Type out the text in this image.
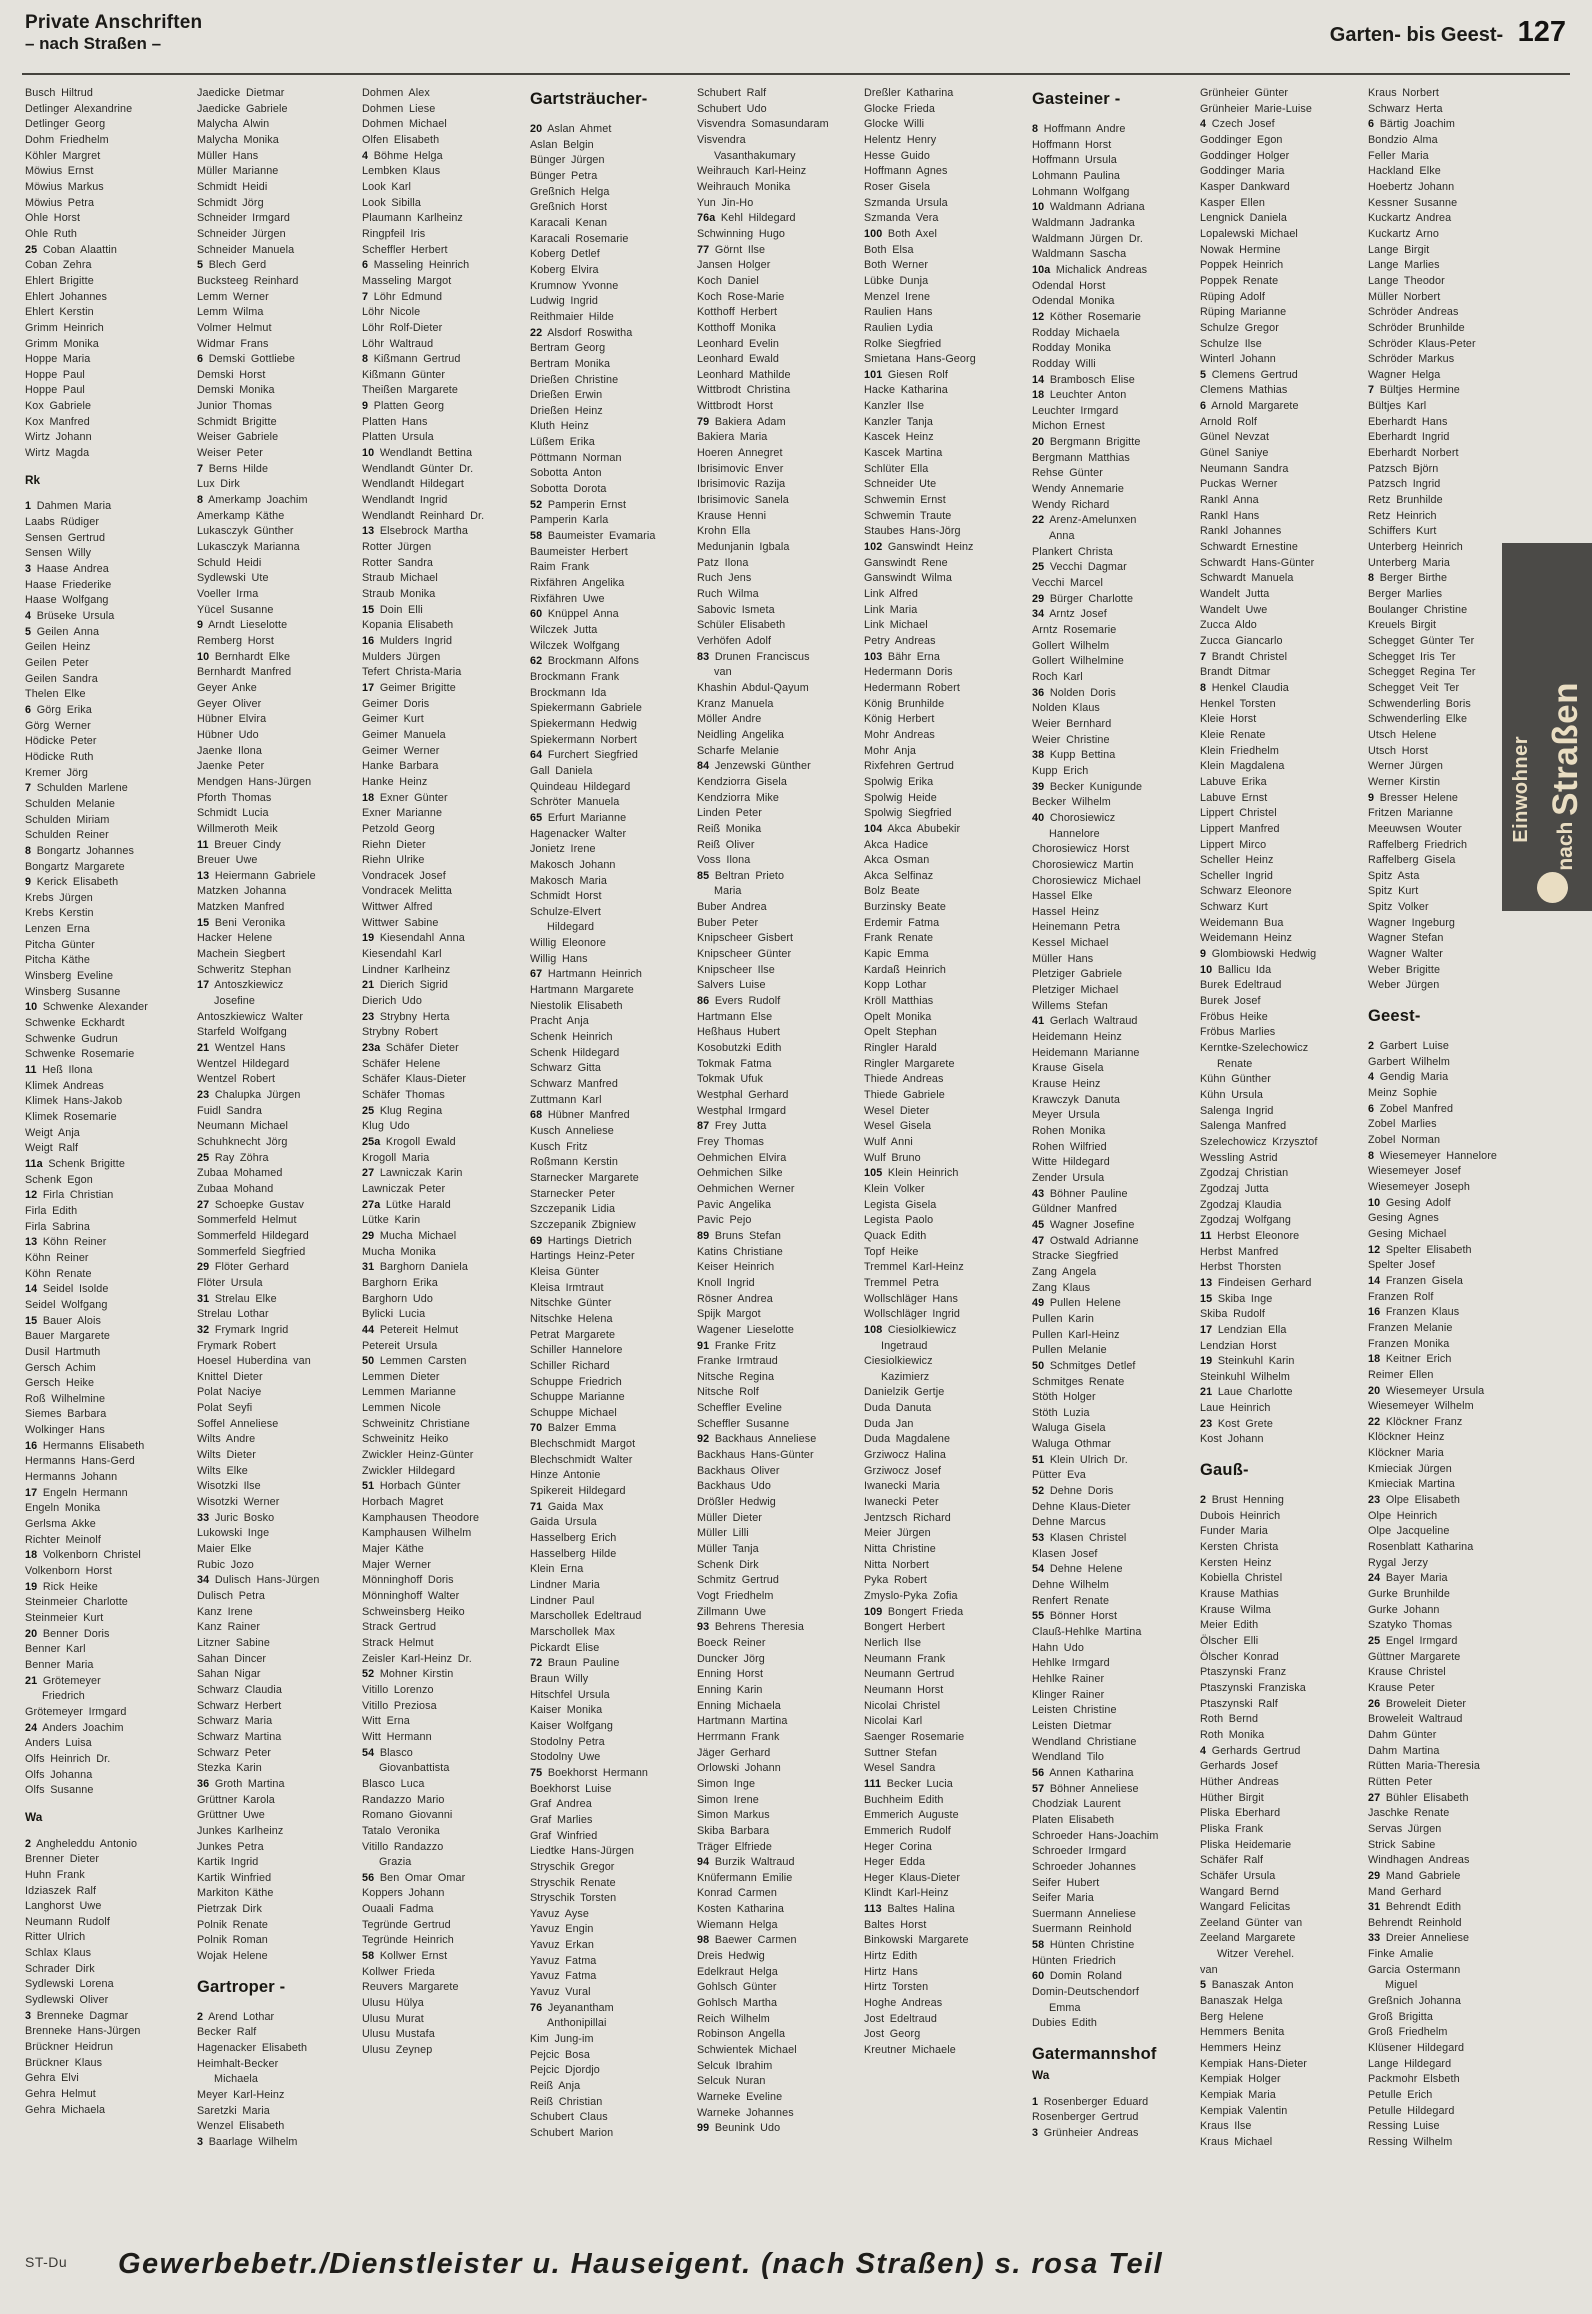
Private Anschriften
– nach Straßen –	Garten- bis Geest- 127
Busch Hiltrud
Detlinger Alexandrine
Detlinger Georg
Dohm Friedhelm
Köhler Margret
Möwius Ernst
Möwius Markus
Möwius Petra
Ohle Horst
Ohle Ruth
25 Coban Alaattin
Coban Zehra
Ehlert Brigitte
Ehlert Johannes
Ehlert Kerstin
Grimm Heinrich
Grimm Monika
Hoppe Maria
Hoppe Paul
Hoppe Paul
Kox Gabriele
Kox Manfred
Wirtz Johann
Wirtz Magda
Rk
1 Dahmen Maria
Laabs Rüdiger
Sensen Gertrud
Sensen Willy
3 Haase Andrea
Haase Friederike
Haase Wolfgang
4 Brüseke Ursula
5 Geilen Anna
Geilen Heinz
Geilen Peter
Geilen Sandra
Thelen Elke
6 Görg Erika
Görg Werner
Hödicke Peter
Hödicke Ruth
Kremer Jörg
7 Schulden Marlene
Schulden Melanie
Schulden Miriam
Schulden Reiner
8 Bongartz Johannes
Bongartz Margarete
9 Kerick Elisabeth
Krebs Jürgen
Krebs Kerstin
Lenzen Erna
Pitcha Günter
Pitcha Käthe
Winsberg Eveline
Winsberg Susanne
10 Schwenke Alexander
Schwenke Eckhardt
Schwenke Gudrun
Schwenke Rosemarie
11 Heß Ilona
Klimek Andreas
Klimek Hans-Jakob
Klimek Rosemarie
Weigt Anja
Weigt Ralf
11a Schenk Brigitte
Schenk Egon
12 Firla Christian
Firla Edith
Firla Sabrina
13 Köhn Reiner
Köhn Reiner
Köhn Renate
14 Seidel Isolde
Seidel Wolfgang
15 Bauer Alois
Bauer Margarete
Dusil Hartmuth
Gersch Achim
Gersch Heike
Roß Wilhelmine
Siemes Barbara
Wolkinger Hans
16 Hermanns Elisabeth
Hermanns Hans-Gerd
Hermanns Johann
17 Engeln Hermann
Engeln Monika
Gerlsma Akke
Richter Meinolf
18 Volkenborn Christel
Volkenborn Horst
19 Rick Heike
Steinmeier Charlotte
Steinmeier Kurt
20 Benner Doris
Benner Karl
Benner Maria
21 Grötemeyer
Friedrich
Grötemeyer Irmgard
24 Anders Joachim
Anders Luisa
Olfs Heinrich Dr.
Olfs Johanna
Olfs Susanne
Wa
2 Angheleddu Antonio
Brenner Dieter
Huhn Frank
Idziaszek Ralf
Langhorst Uwe
Neumann Rudolf
Ritter Ulrich
Schlax Klaus
Schrader Dirk
Sydlewski Lorena
Sydlewski Oliver
3 Brenneke Dagmar
Brenneke Hans-Jürgen
Brückner Heidrun
Brückner Klaus
Gehra Elvi
Gehra Helmut
Gehra Michaela
Jaedicke Dietmar
Jaedicke Gabriele
Malycha Alwin
Malycha Monika
Müller Hans
Müller Marianne
Schmidt Heidi
Schmidt Jörg
Schneider Irmgard
Schneider Jürgen
Schneider Manuela
5 Blech Gerd
Bucksteeg Reinhard
Lemm Werner
Lemm Wilma
Volmer Helmut
Widmar Frans
6 Demski Gottliebe
Demski Horst
Demski Monika
Junior Thomas
Schmidt Brigitte
Weiser Gabriele
Weiser Peter
7 Berns Hilde
Lux Dirk
8 Amerkamp Joachim
Amerkamp Käthe
Lukasczyk Günther
Lukasczyk Marianna
Schuld Heidi
Sydlewski Ute
Voeller Irma
Yücel Susanne
9 Arndt Lieselotte
Remberg Horst
10 Bernhardt Elke
Bernhardt Manfred
Geyer Anke
Geyer Oliver
Hübner Elvira
Hübner Udo
Jaenke Ilona
Jaenke Peter
Mendgen Hans-Jürgen
Pforth Thomas
Schmidt Lucia
Willmeroth Meik
11 Breuer Cindy
Breuer Uwe
13 Heiermann Gabriele
Matzken Johanna
Matzken Manfred
15 Beni Veronika
Hacker Helene
Machein Siegbert
Schweritz Stephan
17 Antoszkiewicz
Josefine
Antoszkiewicz Walter
Starfeld Wolfgang
21 Wentzel Hans
Wentzel Hildegard
Wentzel Robert
23 Chalupka Jürgen
Fuidl Sandra
Neumann Michael
Schuhknecht Jörg
25 Ray Zöhra
Zubaa Mohamed
Zubaa Mohand
27 Schoepke Gustav
Sommerfeld Helmut
Sommerfeld Hildegard
Sommerfeld Siegfried
29 Flöter Gerhard
Flöter Ursula
31 Strelau Elke
Strelau Lothar
32 Frymark Ingrid
Frymark Robert
Hoesel Huberdina van
Knittel Dieter
Polat Naciye
Polat Seyfi
Soffel Anneliese
Wilts Andre
Wilts Dieter
Wilts Elke
Wisotzki Ilse
Wisotzki Werner
33 Juric Bosko
Lukowski Inge
Maier Elke
Rubic Jozo
34 Dulisch Hans-Jürgen
Dulisch Petra
Kanz Irene
Kanz Rainer
Litzner Sabine
Sahan Dincer
Sahan Nigar
Schwarz Claudia
Schwarz Herbert
Schwarz Maria
Schwarz Martina
Schwarz Peter
Stezka Karin
36 Groth Martina
Grüttner Karola
Grüttner Uwe
Junkes Karlheinz
Junkes Petra
Kartik Ingrid
Kartik Winfried
Markiton Käthe
Pietrzak Dirk
Polnik Renate
Polnik Roman
Wojak Helene
Gartroper -
2 Arend Lothar
Becker Ralf
Hagenacker Elisabeth
Heimhalt-Becker
Michaela
Meyer Karl-Heinz
Saretzki Maria
Wenzel Elisabeth
3 Baarlage Wilhelm
Dohmen Alex
Dohmen Liese
Dohmen Michael
Olfen Elisabeth
4 Böhme Helga
Lembken Klaus
Look Karl
Look Sibilla
Plaumann Karlheinz
Ringpfeil Iris
Scheffler Herbert
6 Masseling Heinrich
Masseling Margot
7 Löhr Edmund
Löhr Nicole
Löhr Rolf-Dieter
Löhr Waltraud
8 Kißmann Gertrud
Kißmann Günter
Theißen Margarete
9 Platten Georg
Platten Hans
Platten Ursula
10 Wendlandt Bettina
Wendlandt Günter Dr.
Wendlandt Hildegart
Wendlandt Ingrid
Wendlandt Reinhard Dr.
13 Elsebrock Martha
Rotter Jürgen
Rotter Sandra
Straub Michael
Straub Monika
15 Doin Elli
Kopania Elisabeth
16 Mulders Ingrid
Mulders Jürgen
Tefert Christa-Maria
17 Geimer Brigitte
Geimer Doris
Geimer Kurt
Geimer Manuela
Geimer Werner
Hanke Barbara
Hanke Heinz
18 Exner Günter
Exner Marianne
Petzold Georg
Riehn Dieter
Riehn Ulrike
Vondracek Josef
Vondracek Melitta
Wittwer Alfred
Wittwer Sabine
19 Kiesendahl Anna
Kiesendahl Karl
Lindner Karlheinz
21 Dierich Sigrid
Dierich Udo
23 Strybny Herta
Strybny Robert
23a Schäfer Dieter
Schäfer Helene
Schäfer Klaus-Dieter
Schäfer Thomas
25 Klug Regina
Klug Udo
25a Krogoll Ewald
Krogoll Maria
27 Lawniczak Karin
Lawniczak Peter
27a Lütke Harald
Lütke Karin
29 Mucha Michael
Mucha Monika
31 Barghorn Daniela
Barghorn Erika
Barghorn Udo
Bylicki Lucia
44 Petereit Helmut
Petereit Ursula
50 Lemmen Carsten
Lemmen Dieter
Lemmen Marianne
Lemmen Nicole
Schweinitz Christiane
Schweinitz Heiko
Zwickler Heinz-Günter
Zwickler Hildegard
51 Horbach Günter
Horbach Magret
Kamphausen Theodore
Kamphausen Wilhelm
Majer Käthe
Majer Werner
Mönninghoff Doris
Mönninghoff Walter
Schweinsberg Heiko
Strack Gertrud
Strack Helmut
Zeisler Karl-Heinz Dr.
52 Mohner Kirstin
Vitillo Lorenzo
Vitillo Preziosa
Witt Erna
Witt Hermann
54 Blasco
Giovanbattista
Blasco Luca
Randazzo Mario
Romano Giovanni
Tatalo Veronika
Vitillo Randazzo
Grazia
56 Ben Omar Omar
Koppers Johann
Ouaali Fadma
Tegründe Gertrud
Tegründe Heinrich
58 Kollwer Ernst
Kollwer Frieda
Reuvers Margarete
Ulusu Hülya
Ulusu Murat
Ulusu Mustafa
Ulusu Zeynep
Gartsträucher-
20 Aslan Ahmet
Aslan Belgin
Bünger Jürgen
Bünger Petra
Greßnich Helga
Greßnich Horst
Karacali Kenan
Karacali Rosemarie
Koberg Detlef
Koberg Elvira
Krumnow Yvonne
Ludwig Ingrid
Reithmaier Hilde
22 Alsdorf Roswitha
Bertram Georg
Bertram Monika
Drießen Christine
Drießen Erwin
Drießen Heinz
Kluth Heinz
Lüßem Erika
Pöttmann Norman
Sobotta Anton
Sobotta Dorota
52 Pamperin Ernst
Pamperin Karla
58 Baumeister Evamaria
Baumeister Herbert
Raim Frank
Rixfähren Angelika
Rixfähren Uwe
60 Knüppel Anna
Wilczek Jutta
Wilczek Wolfgang
62 Brockmann Alfons
Brockmann Frank
Brockmann Ida
Spiekermann Gabriele
Spiekermann Hedwig
Spiekermann Norbert
64 Furchert Siegfried
Gall Daniela
Quindeau Hildegard
Schröter Manuela
65 Erfurt Marianne
Hagenacker Walter
Jonietz Irene
Makosch Johann
Makosch Maria
Schmidt Horst
Schulze-Elvert
Hildegard
Willig Eleonore
Willig Hans
67 Hartmann Heinrich
Hartmann Margarete
Niestolik Elisabeth
Pracht Anja
Schenk Heinrich
Schenk Hildegard
Schwarz Gitta
Schwarz Manfred
Zuttmann Karl
68 Hübner Manfred
Kusch Anneliese
Kusch Fritz
Roßmann Kerstin
Starnecker Margarete
Starnecker Peter
Szczepanik Lidia
Szczepanik Zbigniew
69 Hartings Dietrich
Hartings Heinz-Peter
Kleisa Günter
Kleisa Irmtraut
Nitschke Günter
Nitschke Helena
Petrat Margarete
Schiller Hannelore
Schiller Richard
Schuppe Friedrich
Schuppe Marianne
Schuppe Michael
70 Balzer Emma
Blechschmidt Margot
Blechschmidt Walter
Hinze Antonie
Spikereit Hildegard
71 Gaida Max
Gaida Ursula
Hasselberg Erich
Hasselberg Hilde
Klein Erna
Lindner Maria
Lindner Paul
Marschollek Edeltraud
Marschollek Max
Pickardt Elise
72 Braun Pauline
Braun Willy
Hitschfel Ursula
Kaiser Monika
Kaiser Wolfgang
Stodolny Petra
Stodolny Uwe
75 Boekhorst Hermann
Boekhorst Luise
Graf Andrea
Graf Marlies
Graf Winfried
Liedtke Hans-Jürgen
Stryschik Gregor
Stryschik Renate
Stryschik Torsten
Yavuz Ayse
Yavuz Engin
Yavuz Erkan
Yavuz Fatma
Yavuz Fatma
Yavuz Vural
76 Jeyanantham
Anthonipillai
Kim Jung-im
Pejcic Bosa
Pejcic Djordjo
Reiß Anja
Reiß Christian
Schubert Claus
Schubert Marion
Schubert Ralf
Schubert Udo
Visvendra Somasundaram
Visvendra
Vasanthakumary
Weihrauch Karl-Heinz
Weihrauch Monika
Yun Jin-Ho
76a Kehl Hildegard
Schwinning Hugo
77 Görnt Ilse
Jansen Holger
Koch Daniel
Koch Rose-Marie
Kotthoff Herbert
Kotthoff Monika
Leonhard Evelin
Leonhard Ewald
Leonhard Mathilde
Wittbrodt Christina
Wittbrodt Horst
79 Bakiera Adam
Bakiera Maria
Hoeren Annegret
Ibrisimovic Enver
Ibrisimovic Razija
Ibrisimovic Sanela
Krause Henni
Krohn Ella
Medunjanin Igbala
Patz Ilona
Ruch Jens
Ruch Wilma
Sabovic Ismeta
Schüler Elisabeth
Verhöfen Adolf
83 Drunen Franciscus
van
Khashin Abdul-Qayum
Kranz Manuela
Möller Andre
Neidling Angelika
Scharfe Melanie
84 Jenzewski Günther
Kendziorra Gisela
Kendziorra Mike
Linden Peter
Reiß Monika
Reiß Oliver
Voss Ilona
85 Beltran Prieto
Maria
Buber Andrea
Buber Peter
Knipscheer Gisbert
Knipscheer Günter
Knipscheer Ilse
Salvers Luise
86 Evers Rudolf
Hartmann Else
Heßhaus Hubert
Kosobutzki Edith
Tokmak Fatma
Tokmak Ufuk
Westphal Gerhard
Westphal Irmgard
87 Frey Jutta
Frey Thomas
Oehmichen Elvira
Oehmichen Silke
Oehmichen Werner
Pavic Angelika
Pavic Pejo
89 Bruns Stefan
Katins Christiane
Keiser Heinrich
Knoll Ingrid
Rösner Andrea
Spijk Margot
Wagener Lieselotte
91 Franke Fritz
Franke Irmtraud
Nitsche Regina
Nitsche Rolf
Scheffler Eveline
Scheffler Susanne
92 Backhaus Anneliese
Backhaus Hans-Günter
Backhaus Oliver
Backhaus Udo
Drößler Hedwig
Müller Dieter
Müller Lilli
Müller Tanja
Schenk Dirk
Schmitz Gertrud
Vogt Friedhelm
Zillmann Uwe
93 Behrens Theresia
Boeck Reiner
Duncker Jörg
Enning Horst
Enning Karin
Enning Michaela
Hartmann Martina
Herrmann Frank
Jäger Gerhard
Orlowski Johann
Simon Inge
Simon Irene
Simon Markus
Skiba Barbara
Träger Elfriede
94 Burzik Waltraud
Knüfermann Emilie
Konrad Carmen
Kosten Katharina
Wiemann Helga
98 Baewer Carmen
Dreis Hedwig
Edelkraut Helga
Gohlsch Günter
Gohlsch Martha
Reich Wilhelm
Robinson Angella
Schwientek Michael
Selcuk Ibrahim
Selcuk Nuran
Warneke Eveline
Warneke Johannes
99 Beunink Udo
Dreßler Katharina
Glocke Frieda
Glocke Willi
Helentz Henry
Hesse Guido
Hoffmann Agnes
Roser Gisela
Szmanda Ursula
Szmanda Vera
100 Both Axel
Both Elsa
Both Werner
Lübke Dunja
Menzel Irene
Raulien Hans
Raulien Lydia
Rolke Siegfried
Smietana Hans-Georg
101 Giesen Rolf
Hacke Katharina
Kanzler Ilse
Kanzler Tanja
Kascek Heinz
Kascek Martina
Schlüter Ella
Schneider Ute
Schwemin Ernst
Schwemin Traute
Staubes Hans-Jörg
102 Ganswindt Heinz
Ganswindt Rene
Ganswindt Wilma
Link Alfred
Link Maria
Link Michael
Petry Andreas
103 Bähr Erna
Hedermann Doris
Hedermann Robert
König Brunhilde
König Herbert
Mohr Andreas
Mohr Anja
Rixfehren Gertrud
Spolwig Erika
Spolwig Heide
Spolwig Siegfried
104 Akca Abubekir
Akca Hadice
Akca Osman
Akca Selfinaz
Bolz Beate
Burzinsky Beate
Erdemir Fatma
Frank Renate
Kapic Emma
Kardaß Heinrich
Kopp Lothar
Kröll Matthias
Opelt Monika
Opelt Stephan
Ringler Harald
Ringler Margarete
Thiede Andreas
Thiede Gabriele
Wesel Dieter
Wesel Gisela
Wulf Anni
Wulf Bruno
105 Klein Heinrich
Klein Volker
Legista Gisela
Legista Paolo
Quack Edith
Topf Heike
Tremmel Karl-Heinz
Tremmel Petra
Wollschläger Hans
Wollschläger Ingrid
108 Ciesiolkiewicz
Ingetraud
Ciesiolkiewicz
Kazimierz
Danielzik Gertje
Duda Danuta
Duda Jan
Duda Magdalene
Grziwocz Halina
Grziwocz Josef
Iwanecki Maria
Iwanecki Peter
Jentzsch Richard
Meier Jürgen
Nitta Christine
Nitta Norbert
Pyka Robert
Zmyslo-Pyka Zofia
109 Bongert Frieda
Bongert Herbert
Nerlich Ilse
Neumann Frank
Neumann Gertrud
Neumann Horst
Nicolai Christel
Nicolai Karl
Saenger Rosemarie
Suttner Stefan
Wesel Sandra
111 Becker Lucia
Buchheim Edith
Emmerich Auguste
Emmerich Rudolf
Heger Corina
Heger Edda
Heger Klaus-Dieter
Klindt Karl-Heinz
113 Baltes Halina
Baltes Horst
Binkowski Margarete
Hirtz Edith
Hirtz Hans
Hirtz Torsten
Hoghe Andreas
Jost Edeltraud
Jost Georg
Kreutner Michaele
Gasteiner -
8 Hoffmann Andre
Hoffmann Horst
Hoffmann Ursula
Lohmann Paulina
Lohmann Wolfgang
10 Waldmann Adriana
Waldmann Jadranka
Waldmann Jürgen Dr.
Waldmann Sascha
10a Michalick Andreas
Odendal Horst
Odendal Monika
12 Köther Rosemarie
Rodday Michaela
Rodday Monika
Rodday Willi
14 Brambosch Elise
18 Leuchter Anton
Leuchter Irmgard
Michon Ernest
20 Bergmann Brigitte
Bergmann Matthias
Rehse Günter
Wendy Annemarie
Wendy Richard
22 Arenz-Amelunxen
Anna
Plankert Christa
25 Vecchi Dagmar
Vecchi Marcel
29 Bürger Charlotte
34 Arntz Josef
Arntz Rosemarie
Gollert Wilhelm
Gollert Wilhelmine
Roch Karl
36 Nolden Doris
Nolden Klaus
Weier Bernhard
Weier Christine
38 Kupp Bettina
Kupp Erich
39 Becker Kunigunde
Becker Wilhelm
40 Chorosiewicz
Hannelore
Chorosiewicz Horst
Chorosiewicz Martin
Chorosiewicz Michael
Hassel Elke
Hassel Heinz
Heinemann Petra
Kessel Michael
Müller Hans
Pletziger Gabriele
Pletziger Michael
Willems Stefan
41 Gerlach Waltraud
Heidemann Heinz
Heidemann Marianne
Krause Gisela
Krause Heinz
Krawczyk Danuta
Meyer Ursula
Rohen Monika
Rohen Wilfried
Witte Hildegard
Zender Ursula
43 Böhner Pauline
Güldner Manfred
45 Wagner Josefine
47 Ostwald Adrianne
Stracke Siegfried
Zang Angela
Zang Klaus
49 Pullen Helene
Pullen Karin
Pullen Karl-Heinz
Pullen Melanie
50 Schmitges Detlef
Schmitges Renate
Stöth Holger
Stöth Luzia
Waluga Gisela
Waluga Othmar
51 Klein Ulrich Dr.
Pütter Eva
52 Dehne Doris
Dehne Klaus-Dieter
Dehne Marcus
53 Klasen Christel
Klasen Josef
54 Dehne Helene
Dehne Wilhelm
Renfert Renate
55 Bönner Horst
Clauß-Hehlke Martina
Hahn Udo
Hehlke Irmgard
Hehlke Rainer
Klinger Rainer
Leisten Christine
Leisten Dietmar
Wendland Christiane
Wendland Tilo
56 Annen Katharina
57 Böhner Anneliese
Chodziak Laurent
Platen Elisabeth
Schroeder Hans-Joachim
Schroeder Irmgard
Schroeder Johannes
Seifer Hubert
Seifer Maria
Suermann Anneliese
Suermann Reinhold
58 Hünten Christine
Hünten Friedrich
60 Domin Roland
Domin-Deutschendorf
Emma
Dubies Edith
Gatermannshof
Wa
1 Rosenberger Eduard
Rosenberger Gertrud
3 Grünheier Andreas
Grünheier Günter
Grünheier Marie-Luise
4 Czech Josef
Goddinger Egon
Goddinger Holger
Goddinger Maria
Kasper Dankward
Kasper Ellen
Lengnick Daniela
Lopalewski Michael
Nowak Hermine
Poppek Heinrich
Poppek Renate
Rüping Adolf
Rüping Marianne
Schulze Gregor
Schulze Ilse
Winterl Johann
5 Clemens Gertrud
Clemens Mathias
6 Arnold Margarete
Arnold Rolf
Günel Nevzat
Günel Saniye
Neumann Sandra
Puckas Werner
Rankl Anna
Rankl Hans
Rankl Johannes
Schwardt Ernestine
Schwardt Hans-Günter
Schwardt Manuela
Wandelt Jutta
Wandelt Uwe
Zucca Aldo
Zucca Giancarlo
7 Brandt Christel
Brandt Ditmar
8 Henkel Claudia
Henkel Torsten
Kleie Horst
Kleie Renate
Klein Friedhelm
Klein Magdalena
Labuve Erika
Labuve Ernst
Lippert Christel
Lippert Manfred
Lippert Mirco
Scheller Heinz
Scheller Ingrid
Schwarz Eleonore
Schwarz Kurt
Weidemann Bua
Weidemann Heinz
9 Glombiowski Hedwig
10 Ballicu Ida
Burek Edeltraud
Burek Josef
Fröbus Heike
Fröbus Marlies
Kerntke-Szelechowicz
Renate
Kühn Günther
Kühn Ursula
Salenga Ingrid
Salenga Manfred
Szelechowicz Krzysztof
Wessling Astrid
Zgodzaj Christian
Zgodzaj Jutta
Zgodzaj Klaudia
Zgodzaj Wolfgang
11 Herbst Eleonore
Herbst Manfred
Herbst Thorsten
13 Findeisen Gerhard
15 Skiba Inge
Skiba Rudolf
17 Lendzian Ella
Lendzian Horst
19 Steinkuhl Karin
Steinkuhl Wilhelm
21 Laue Charlotte
Laue Heinrich
23 Kost Grete
Kost Johann
Gauß-
2 Brust Henning
Dubois Heinrich
Funder Maria
Kersten Christa
Kersten Heinz
Kobiella Christel
Krause Mathias
Krause Wilma
Meier Edith
Ölscher Elli
Ölscher Konrad
Ptaszynski Franz
Ptaszynski Franziska
Ptaszynski Ralf
Roth Bernd
Roth Monika
4 Gerhards Gertrud
Gerhards Josef
Hüther Andreas
Hüther Birgit
Pliska Eberhard
Pliska Frank
Pliska Heidemarie
Schäfer Ralf
Schäfer Ursula
Wangard Bernd
Wangard Felicitas
Zeeland Günter van
Zeeland Margarete
Witzer Verehel.
van
5 Banaszak Anton
Banaszak Helga
Berg Helene
Hemmers Benita
Hemmers Heinz
Kempiak Hans-Dieter
Kempiak Holger
Kempiak Maria
Kempiak Valentin
Kraus Ilse
Kraus Michael
Kraus Norbert
Schwarz Herta
6 Bärtig Joachim
Bondzio Alma
Feller Maria
Hackland Elke
Hoebertz Johann
Kessner Susanne
Kuckartz Andrea
Kuckartz Arno
Lange Birgit
Lange Marlies
Lange Theodor
Müller Norbert
Schröder Andreas
Schröder Brunhilde
Schröder Klaus-Peter
Schröder Markus
Wagner Helga
7 Bültjes Hermine
Bültjes Karl
Eberhardt Hans
Eberhardt Ingrid
Eberhardt Norbert
Patzsch Björn
Patzsch Ingrid
Retz Brunhilde
Retz Heinrich
Schiffers Kurt
Unterberg Heinrich
Unterberg Maria
8 Berger Birthe
Berger Marlies
Boulanger Christine
Kreuels Birgit
Schegget Günter Ter
Schegget Iris Ter
Schegget Regina Ter
Schegget Veit Ter
Schwenderling Boris
Schwenderling Elke
Utsch Helene
Utsch Horst
Werner Jürgen
Werner Kirstin
9 Bresser Helene
Fritzen Marianne
Meeuwsen Wouter
Raffelberg Friedrich
Raffelberg Gisela
Spitz Asta
Spitz Kurt
Spitz Volker
Wagner Ingeburg
Wagner Stefan
Wagner Walter
Weber Brigitte
Weber Jürgen
Geest-
2 Garbert Luise
Garbert Wilhelm
4 Gendig Maria
Meinz Sophie
6 Zobel Manfred
Zobel Marlies
Zobel Norman
8 Wiesemeyer Hannelore
Wiesemeyer Josef
Wiesemeyer Joseph
10 Gesing Adolf
Gesing Agnes
Gesing Michael
12 Spelter Elisabeth
Spelter Josef
14 Franzen Gisela
Franzen Rolf
16 Franzen Klaus
Franzen Melanie
Franzen Monika
18 Keitner Erich
Reimer Ellen
20 Wiesemeyer Ursula
Wiesemeyer Wilhelm
22 Klöckner Franz
Klöckner Heinz
Klöckner Maria
Kmieciak Jürgen
Kmieciak Martina
23 Olpe Elisabeth
Olpe Heinrich
Olpe Jacqueline
Rosenblatt Katharina
Rygal Jerzy
24 Bayer Maria
Gurke Brunhilde
Gurke Johann
Szatyko Thomas
25 Engel Irmgard
Güttner Margarete
Krause Christel
Krause Peter
26 Broweleit Dieter
Broweleit Waltraud
Dahm Günter
Dahm Martina
Rütten Maria-Theresia
Rütten Peter
27 Bühler Elisabeth
Jaschke Renate
Servas Jürgen
Strick Sabine
Windhagen Andreas
29 Mand Gabriele
Mand Gerhard
31 Behrendt Edith
Behrendt Reinhold
33 Dreier Anneliese
Finke Amalie
Garcia Ostermann
Miguel
Greßnich Johanna
Groß Brigitta
Groß Friedhelm
Klüsener Hildegard
Lange Hildegard
Packmohr Elsbeth
Petulle Erich
Petulle Hildegard
Ressing Luise
Ressing Wilhelm
Einwohner
nach Straßen
ST-Du Gewerbebetr./Dienstleister u. Hauseigent. (nach Straßen) s. rosa Teil
